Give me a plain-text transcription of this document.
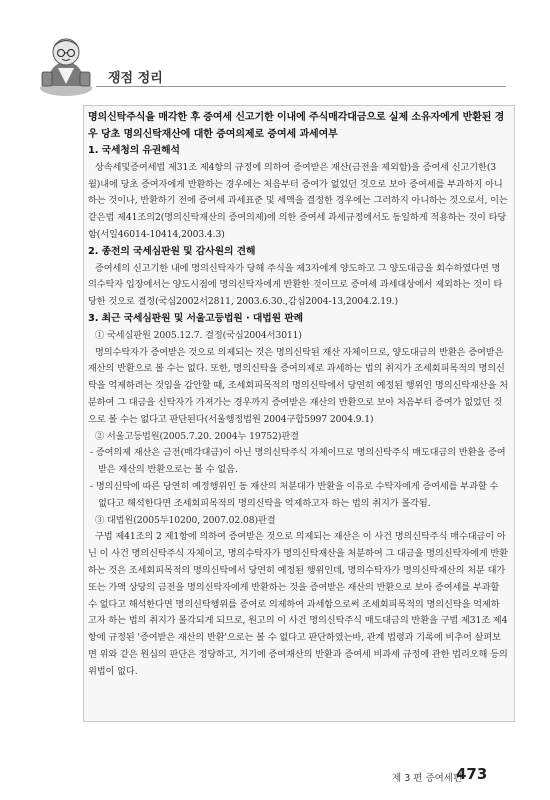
쟁점 정리

명의신탁주식을 매각한 후 증여세 신고기한 이내에 주식매각대금으로 실제 소유자에게 반환된 경우 당초 명의신탁재산에 대한 증여의제로 증여세 과세여부

1. 국세청의 유권해석

상속세및증여세법 제31조 제4항의 규정에 의하여 증여받은 재산(금전을 제외함)을 증여세 신고기한(3월)내에 당초 증여자에게 반환하는 경우에는 처음부터 증여가 없었던 것으로 보아 증여세를 부과하지 아니하는 것이나, 반환하기 전에 증여세 과세표준 및 세액을 결정한 경우에는 그러하지 아니하는 것으로서, 이는 같은법 제41조의2(명의신탁재산의 증여의제)에 의한 증여세 과세규정에서도 동일하게 적용하는 것이 타당함(서일46014-10414,2003.4.3)

2. 종전의 국세심판원 및 감사원의 견해

증여세의 신고기한 내에 명의신탁자가 당해 주식을 제3자에게 양도하고 그 양도대금을 회수하였다면 명의수탁자 입장에서는 양도시점에 명의신탁자에게 반환한 것이므로 증여세 과세대상에서 제외하는 것이 타당한 것으로 결정(국심2002서2811, 2003.6.30.,감심2004-13,2004.2.19.)

3. 최근 국세심판원 및 서울고등법원 · 대법원 판례

① 국세심판원 2005.12.7. 결정(국심2004서3011)

명의수탁자가 증여받은 것으로 의제되는 것은 명의신탁된 재산 자체이므로, 양도대금의 반환은 증여받은 재산의 반환으로 볼 수는 없다. 또한, 명의신탁을 증여의제로 과세하는 법의 취지가 조세회피목적의 명의신탁을 억제하려는 것임을 감안할 때, 조세회피목적의 명의신탁에서 당연히 예정된 행위인 명의신탁재산을 처분하여 그 대금을 신탁자가 가져가는 경우까지 증여받은 재산의 반환으로 보아 처음부터 증여가 없었던 것으로 볼 수는 없다고 판단된다(서울행정법원 2004구합5997 2004.9.1)

② 서울고등법원(2005.7.20. 2004누 19752)판결

- 증여의제 재산은 금전(매각대금)이 아닌 명의신탁주식 자체이므로 명의신탁주식 매도대금의 반환을 증여받은 재산의 반환으로는 볼 수 없음.

- 명의신탁에 따른 당연히 예정행위인 동 재산의 처분대가 반환을 이유로 수탁자에게 증여세를 부과할 수 없다고 해석한다면 조세회피목적의 명의신탁을 억제하고자 하는 법의 취지가 몰각됨.

③ 대법원(2005두10200, 2007.02.08)판결

구법 제41조의 2 제1항에 의하여 증여받은 것으로 의제되는 재산은 이 사건 명의신탁주식 매수대금이 아닌 이 사건 명의신탁주식 자체이고, 명의수탁자가 명의신탁재산을 처분하여 그 대금을 명의신탁자에게 반환하는 것은 조세회피목적의 명의신탁에서 당연히 예정된 행위인데, 명의수탁자가 명의신탁재산의 처분 대가 또는 가액 상당의 금전을 명의신탁자에게 반환하는 것을 증여받은 재산의 반환으로 보아 증여세를 부과할 수 없다고 해석한다면 명의신탁행위를 증여로 의제하여 과세함으로써 조세회피목적의 명의신탁을 억제하고자 하는 법의 취지가 몰각되게 되므로, 원고의 이 사건 명의신탁주식 매도대금의 반환을 구법 제31조 제4항에 규정된 '증여받은 재산의 반환'으로는 볼 수 없다고 판단하였는바, 관계 법령과 기록에 비추어 살펴보면 위와 같은 원심의 판단은 정당하고, 거기에 증여재산의 반환과 증여세 비과세 규정에 관한 법리오해 등의 위법이 없다.

제 3 편 증여세편
473
